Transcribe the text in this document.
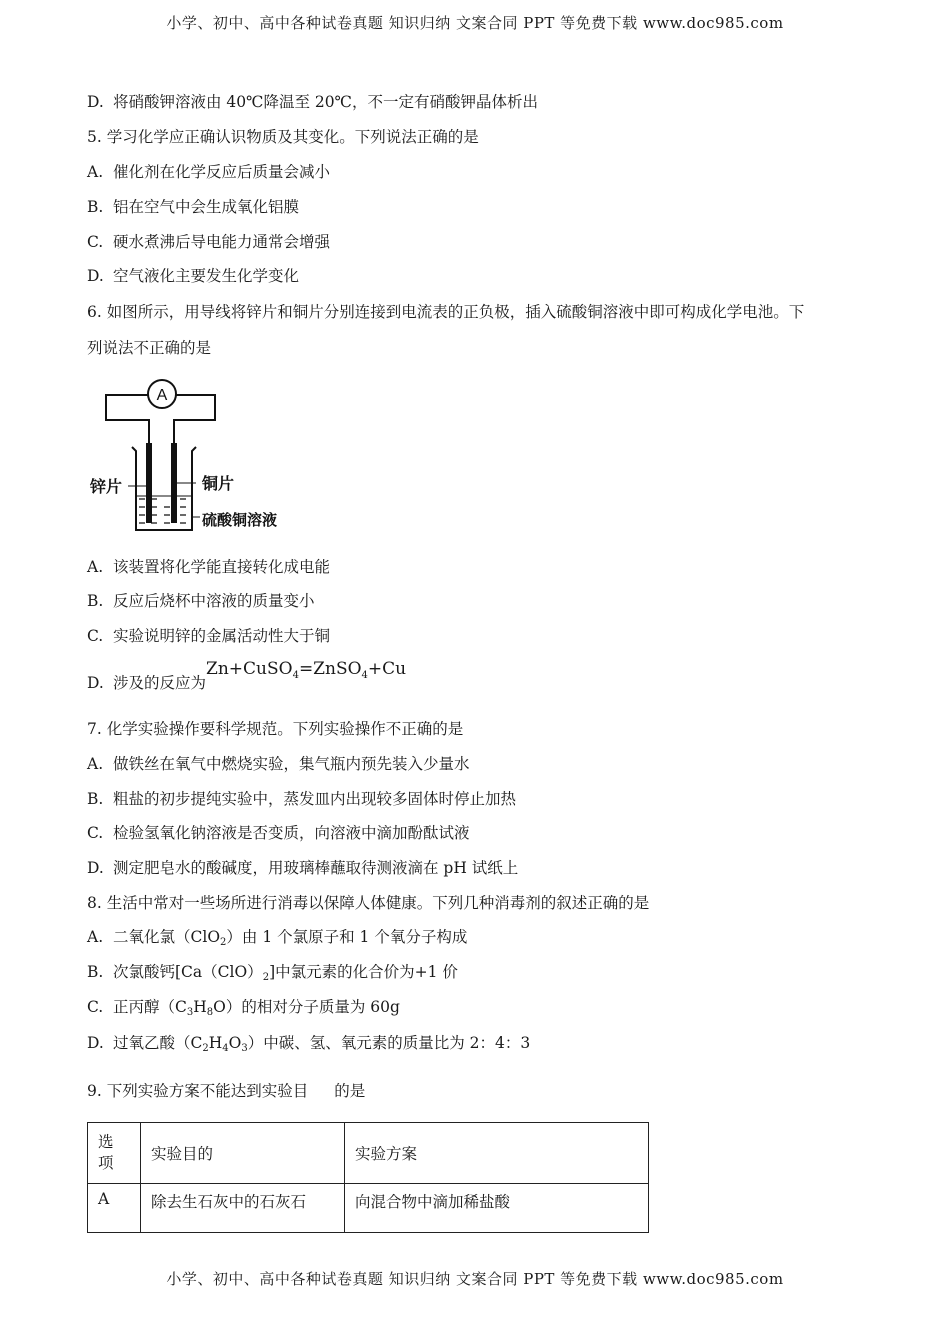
小学、初中、高中各种试卷真题 知识归纳 文案合同 PPT 等免费下载 www.doc985.com
D. 将硝酸钾溶液由 40℃降温至 20℃，不一定有硝酸钾晶体析出
5. 学习化学应正确认识物质及其变化。下列说法正确的是
A. 催化剂在化学反应后质量会减小
B. 铝在空气中会生成氧化铝膜
C. 硬水煮沸后导电能力通常会增强
D. 空气液化主要发生化学变化
6. 如图所示，用导线将锌片和铜片分别连接到电流表的正负极，插入硫酸铜溶液中即可构成化学电池。下
列说法不正确的是
A
锌片	铜片
硫酸铜溶液
A. 该装置将化学能直接转化成电能
B. 反应后烧杯中溶液的质量变小
C. 实验说明锌的金属活动性大于铜
D. 涉及的反应为Zn+CuSO$_4$=ZnSO$_4$+Cu
7. 化学实验操作要科学规范。下列实验操作不正确的是
A. 做铁丝在氧气中燃烧实验，集气瓶内预先装入少量水
B. 粗盐的初步提纯实验中，蒸发皿内出现较多固体时停止加热
C. 检验氢氧化钠溶液是否变质，向溶液中滴加酚酞试液
D. 测定肥皂水的酸碱度，用玻璃棒蘸取待测液滴在 pH 试纸上
8. 生活中常对一些场所进行消毒以保障人体健康。下列几种消毒剂的叙述正确的是
A. 二氧化氯（ClO$_2$）由 1 个氯原子和 1 个氧分子构成
B. 次氯酸钙$[Ca(ClO)_2]$中氯元素的化合价为+1 价
C. 正丙醇$(C_3H_8O)$的相对分子质量为 60g
D. 过氧乙酸$(C_2H_4O_3)$中碳、氢、氧元素的质量比为 2：4：3
9. 下列实验方案不能达到实验目 的是
选项	实验目的	实验方案
A	除去生石灰中的石灰石	向混合物中滴加稀盐酸
小学、初中、高中各种试卷真题 知识归纳 文案合同 PPT 等免费下载 www.doc985.com
